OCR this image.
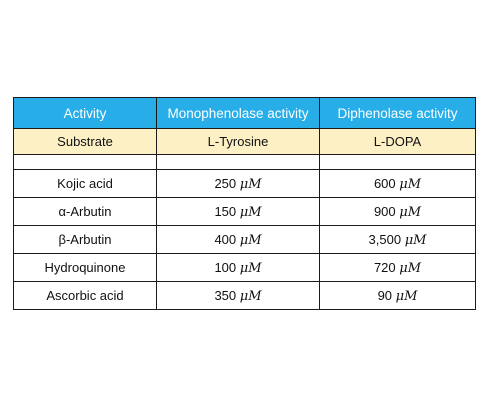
Activity	Monophenolase activity	Diphenolase activity
Substrate	L-Tyrosine	L-DOPA

Kojic acid	250 μM	600 μM
α-Arbutin	150 μM	900 μM
β-Arbutin	400 μM	3,500 μM
Hydroquinone	100 μM	720 μM
Ascorbic acid	350 μM	90 μM
